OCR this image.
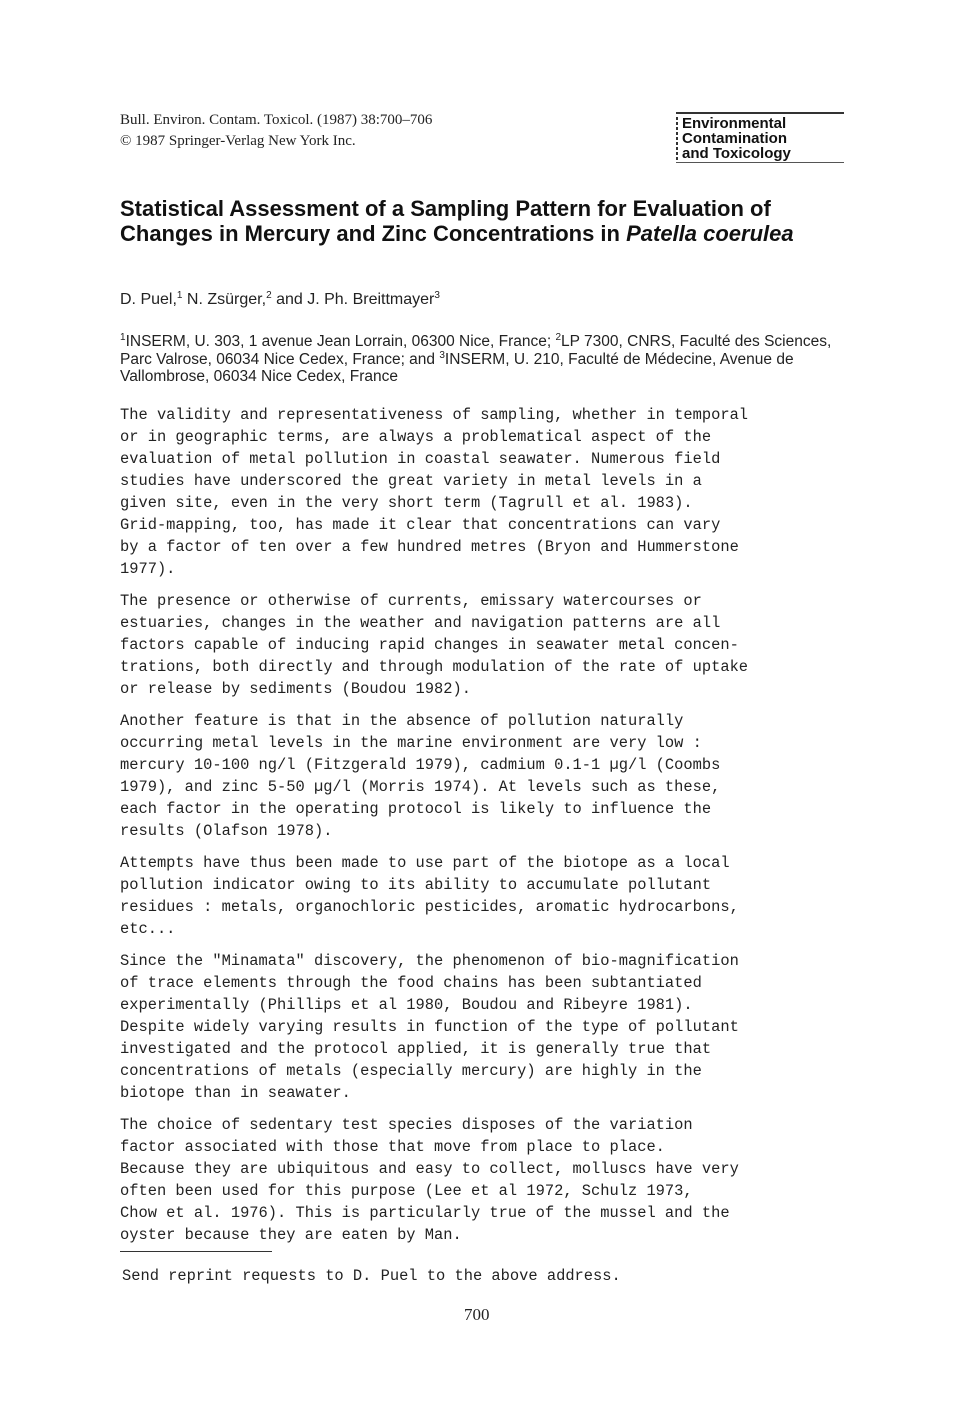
Bull. Environ. Contam. Toxicol. (1987) 38:700–706
© 1987 Springer-Verlag New York Inc.
Environmental
Contamination
and Toxicology
Statistical Assessment of a Sampling Pattern for Evaluation of Changes in Mercury and Zinc Concentrations in Patella coerulea
D. Puel,$^1$ N. Zsürger,$^2$ and J. Ph. Breittmayer$^3$
$^1$INSERM, U. 303, 1 avenue Jean Lorrain, 06300 Nice, France; $^2$LP 7300, CNRS, Faculté des Sciences, Parc Valrose, 06034 Nice Cedex, France; and $^3$INSERM, U. 210, Faculté de Médecine, Avenue de Vallombrose, 06034 Nice Cedex, France

The validity and representativeness of sampling, whether in temporal
or in geographic terms, are always a problematical aspect of the
evaluation of metal pollution in coastal seawater. Numerous field
studies have underscored the great variety in metal levels in a
given site, even in the very short term (Tagrull et al. 1983).
Grid-mapping, too, has made it clear that concentrations can vary
by a factor of ten over a few hundred metres (Bryon and Hummerstone
1977).

The presence or otherwise of currents, emissary watercourses or
estuaries, changes in the weather and navigation patterns are all
factors capable of inducing rapid changes in seawater metal concen-
trations, both directly and through modulation of the rate of uptake
or release by sediments (Boudou 1982).

Another feature is that in the absence of pollution naturally
occurring metal levels in the marine environment are very low :
mercury 10-100 ng/l (Fitzgerald 1979), cadmium 0.1-1 µg/l (Coombs
1979), and zinc 5-50 µg/l (Morris 1974). At levels such as these,
each factor in the operating protocol is likely to influence the
results (Olafson 1978).

Attempts have thus been made to use part of the biotope as a local
pollution indicator owing to its ability to accumulate pollutant
residues : metals, organochloric pesticides, aromatic hydrocarbons,
etc...

Since the "Minamata" discovery, the phenomenon of bio-magnification
of trace elements through the food chains has been subtantiated
experimentally (Phillips et al 1980, Boudou and Ribeyre 1981).
Despite widely varying results in function of the type of pollutant
investigated and the protocol applied, it is generally true that
concentrations of metals (especially mercury) are highly in the
biotope than in seawater.

The choice of sedentary test species disposes of the variation
factor associated with those that move from place to place.
Because they are ubiquitous and easy to collect, molluscs have very
often been used for this purpose (Lee et al 1972, Schulz 1973,
Chow et al. 1976). This is particularly true of the mussel and the
oyster because they are eaten by Man.

Send reprint requests to D. Puel to the above address.
700
